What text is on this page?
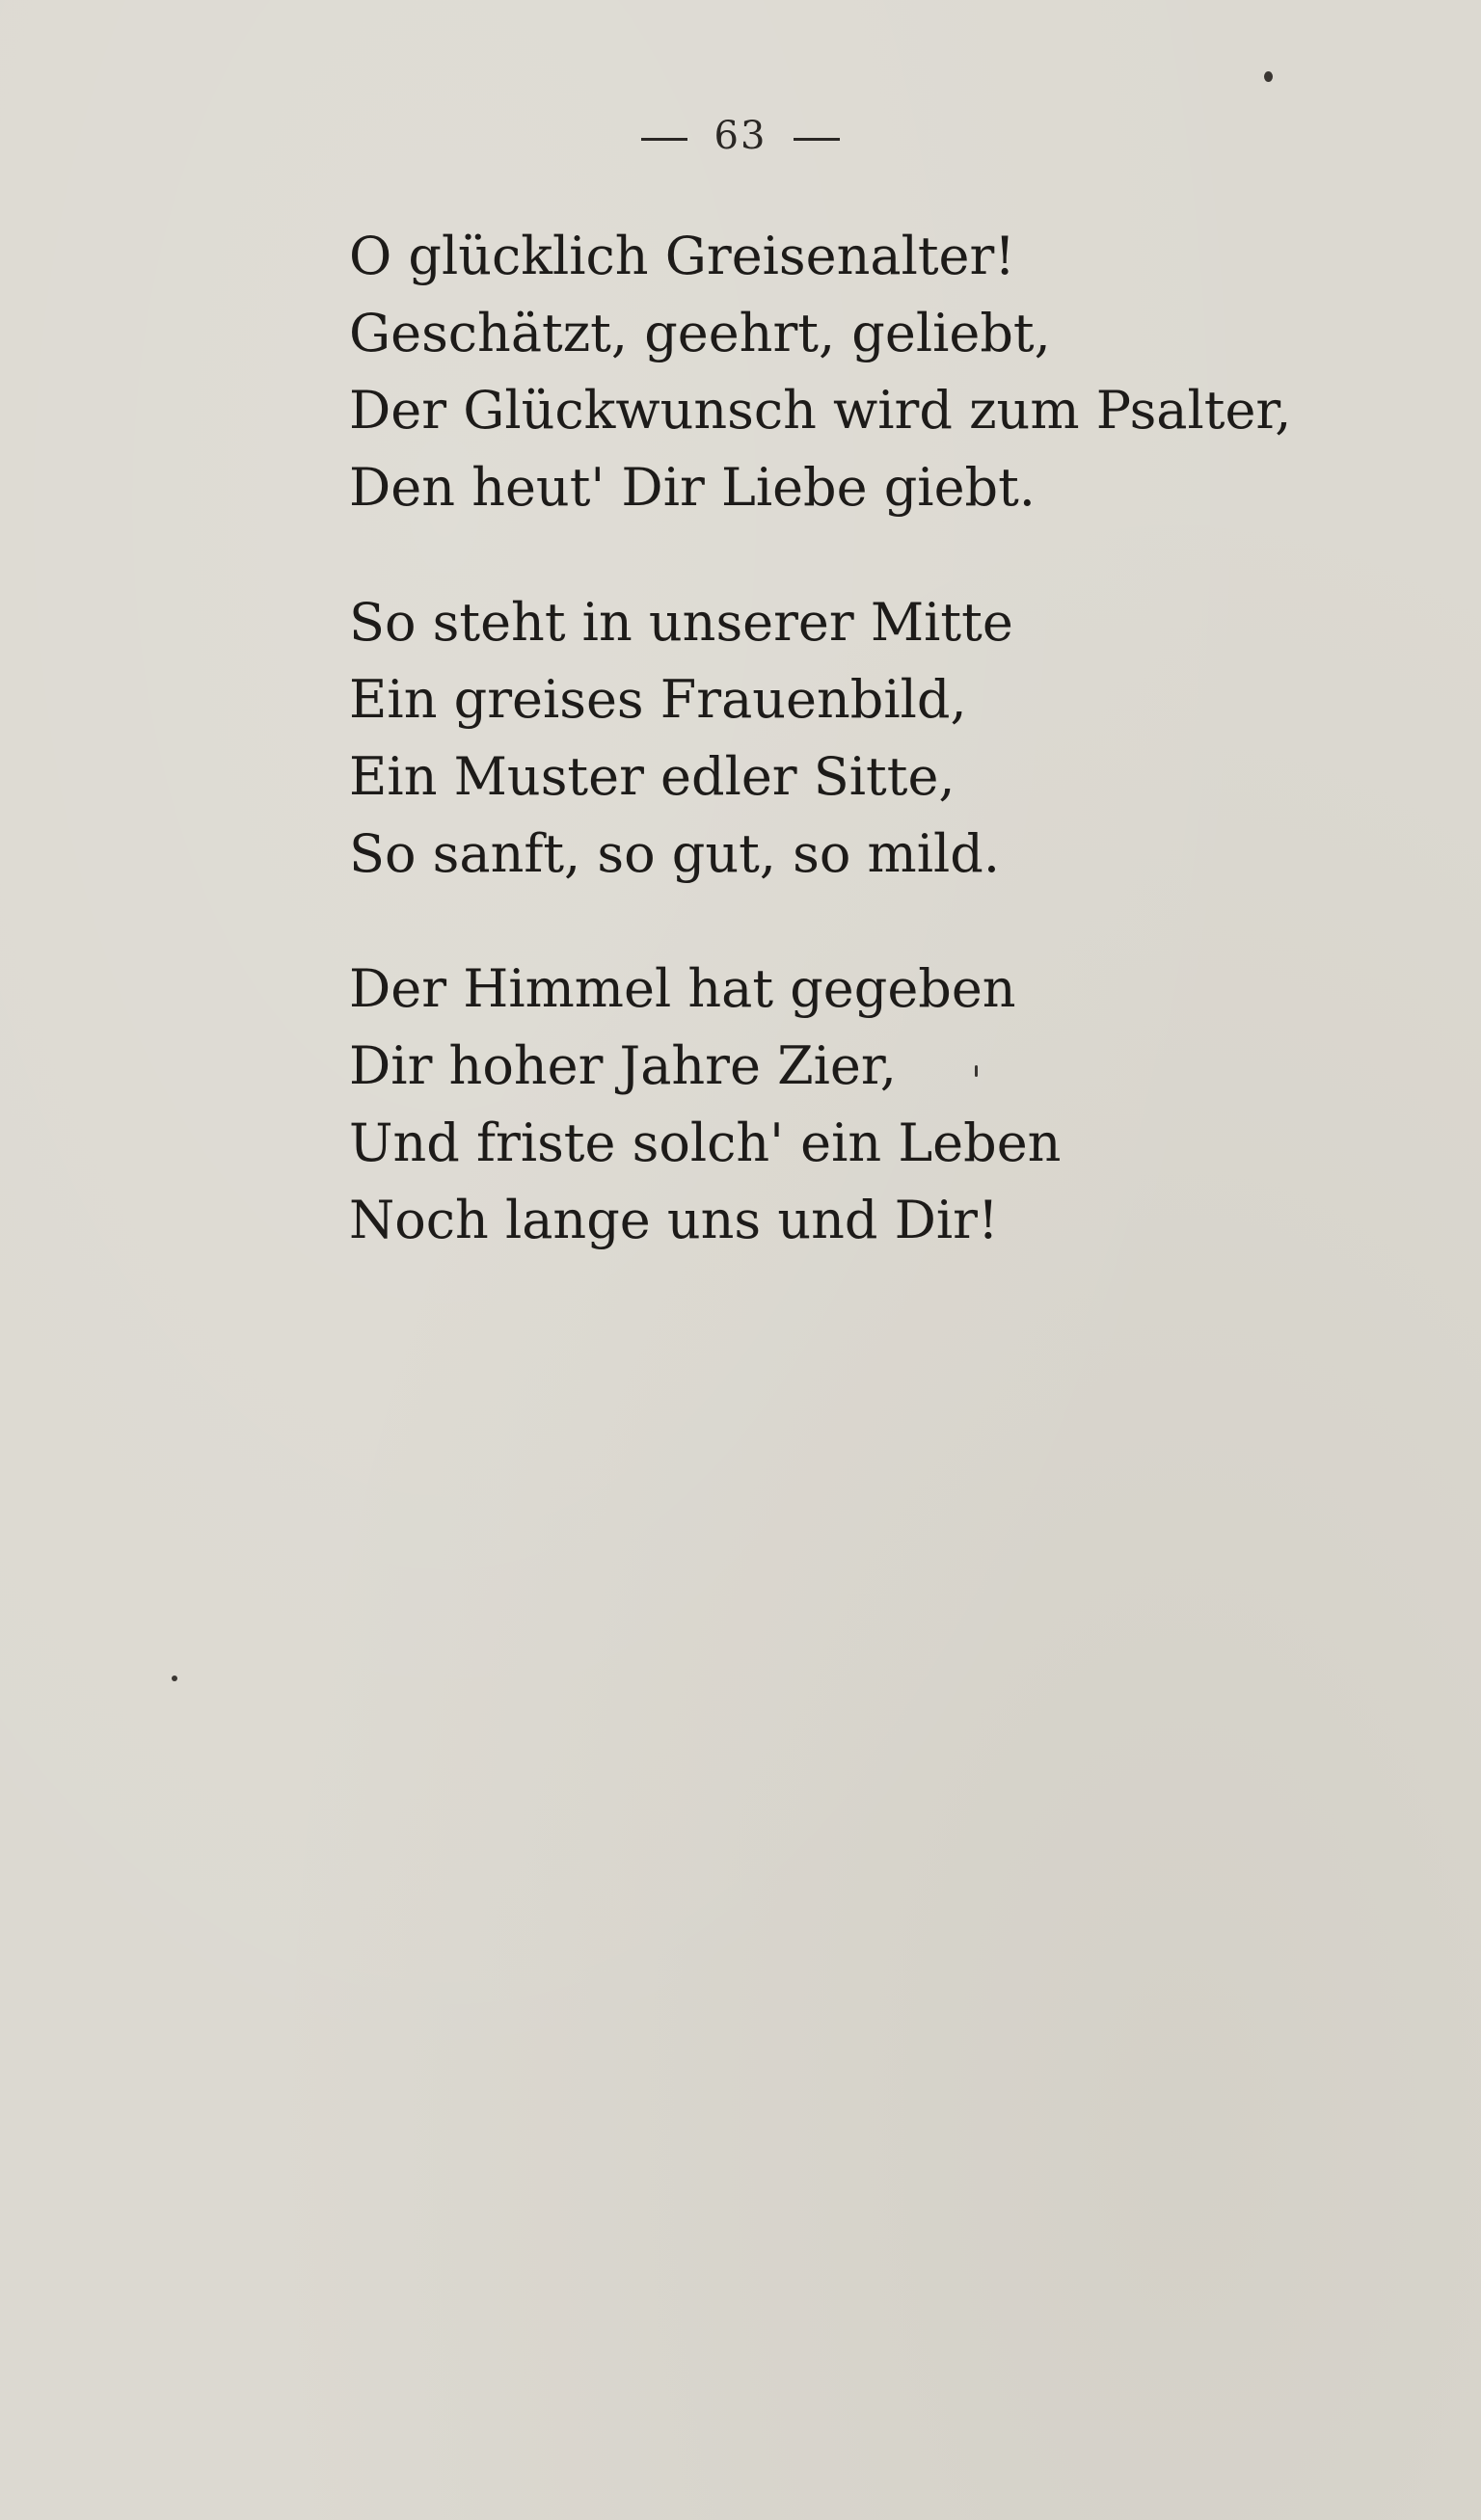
63
O glücklich Greisenalter!
Geschätzt, geehrt, geliebt,
Der Glückwunsch wird zum Psalter,
Den heut' Dir Liebe giebt.
So steht in unserer Mitte
Ein greises Frauenbild,
Ein Muster edler Sitte,
So sanft, so gut, so mild.
Der Himmel hat gegeben
Dir hoher Jahre Zier,
Und friste solch' ein Leben
Noch lange uns und Dir!
